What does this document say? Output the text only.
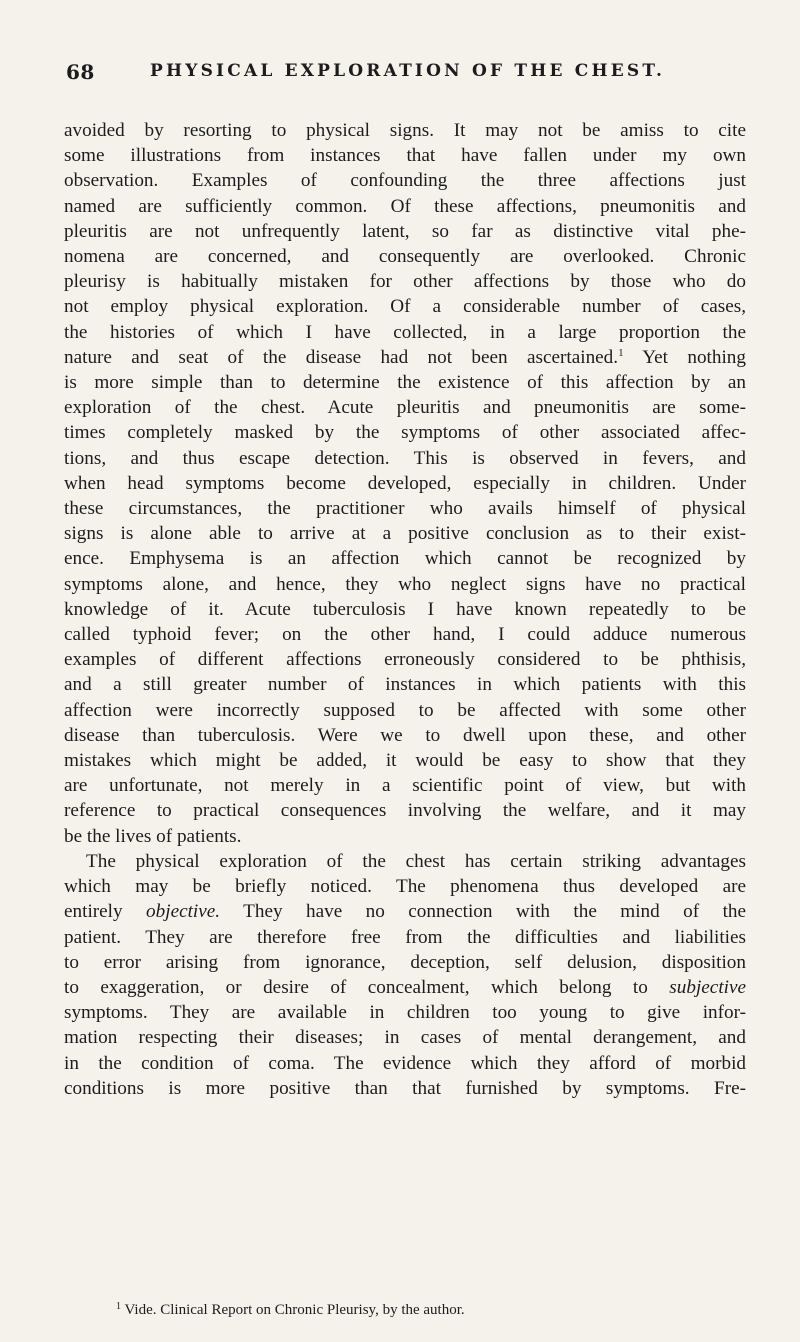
68	PHYSICAL EXPLORATION OF THE CHEST.

avoided by resorting to physical signs. It may not be amiss to cite
some illustrations from instances that have fallen under my own
observation. Examples of confounding the three affections just
named are sufficiently common. Of these affections, pneumonitis and
pleuritis are not unfrequently latent, so far as distinctive vital phe-
nomena are concerned, and consequently are overlooked. Chronic
pleurisy is habitually mistaken for other affections by those who do
not employ physical exploration. Of a considerable number of cases,
the histories of which I have collected, in a large proportion the
nature and seat of the disease had not been ascertained.$^1$ Yet nothing
is more simple than to determine the existence of this affection by an
exploration of the chest. Acute pleuritis and pneumonitis are some-
times completely masked by the symptoms of other associated affec-
tions, and thus escape detection. This is observed in fevers, and
when head symptoms become developed, especially in children. Under
these circumstances, the practitioner who avails himself of physical
signs is alone able to arrive at a positive conclusion as to their exist-
ence. Emphysema is an affection which cannot be recognized by
symptoms alone, and hence, they who neglect signs have no practical
knowledge of it. Acute tuberculosis I have known repeatedly to be
called typhoid fever; on the other hand, I could adduce numerous
examples of different affections erroneously considered to be phthisis,
and a still greater number of instances in which patients with this
affection were incorrectly supposed to be affected with some other
disease than tuberculosis. Were we to dwell upon these, and other
mistakes which might be added, it would be easy to show that they
are unfortunate, not merely in a scientific point of view, but with
reference to practical consequences involving the welfare, and it may
be the lives of patients.

The physical exploration of the chest has certain striking advantages
which may be briefly noticed. The phenomena thus developed are
entirely objective. They have no connection with the mind of the
patient. They are therefore free from the difficulties and liabilities
to error arising from ignorance, deception, self delusion, disposition
to exaggeration, or desire of concealment, which belong to subjective
symptoms. They are available in children too young to give infor-
mation respecting their diseases; in cases of mental derangement, and
in the condition of coma. The evidence which they afford of morbid
conditions is more positive than that furnished by symptoms. Fre-

$^1$ Vide. Clinical Report on Chronic Pleurisy, by the author.
